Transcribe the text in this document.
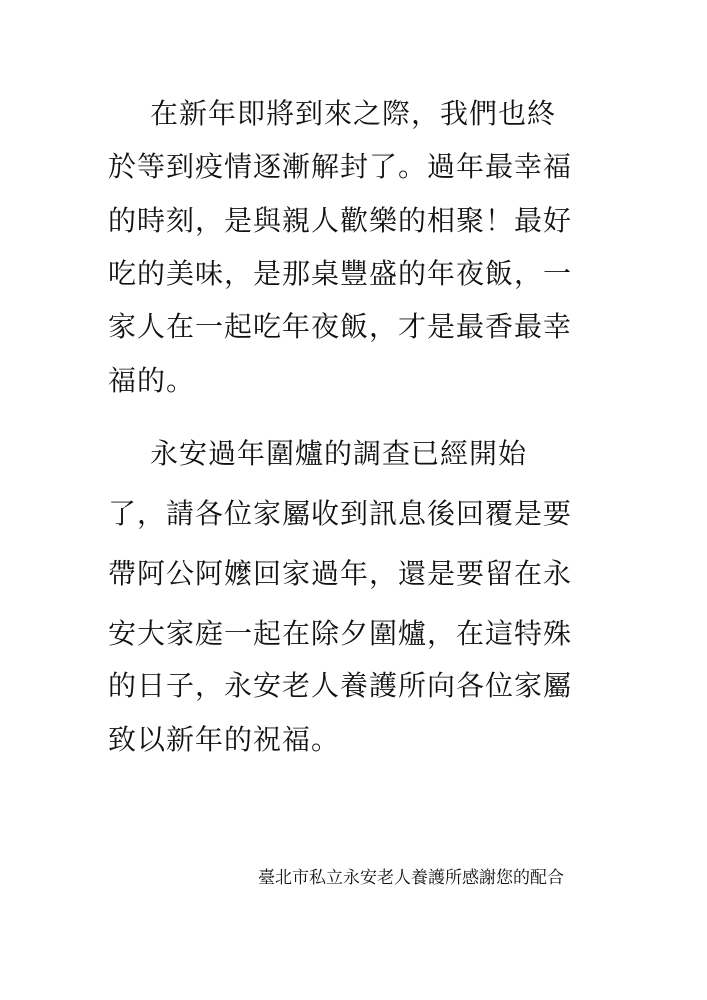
在新年即將到來之際，我們也終
於等到疫情逐漸解封了。過年最幸福
的時刻，是與親人歡樂的相聚！最好
吃的美味，是那桌豐盛的年夜飯，一
家人在一起吃年夜飯，才是最香最幸
福的。
永安過年圍爐的調查已經開始
了，請各位家屬收到訊息後回覆是要
帶阿公阿嬤回家過年，還是要留在永
安大家庭一起在除夕圍爐，在這特殊
的日子，永安老人養護所向各位家屬
致以新年的祝福。
臺北市私立永安老人養護所感謝您的配合
